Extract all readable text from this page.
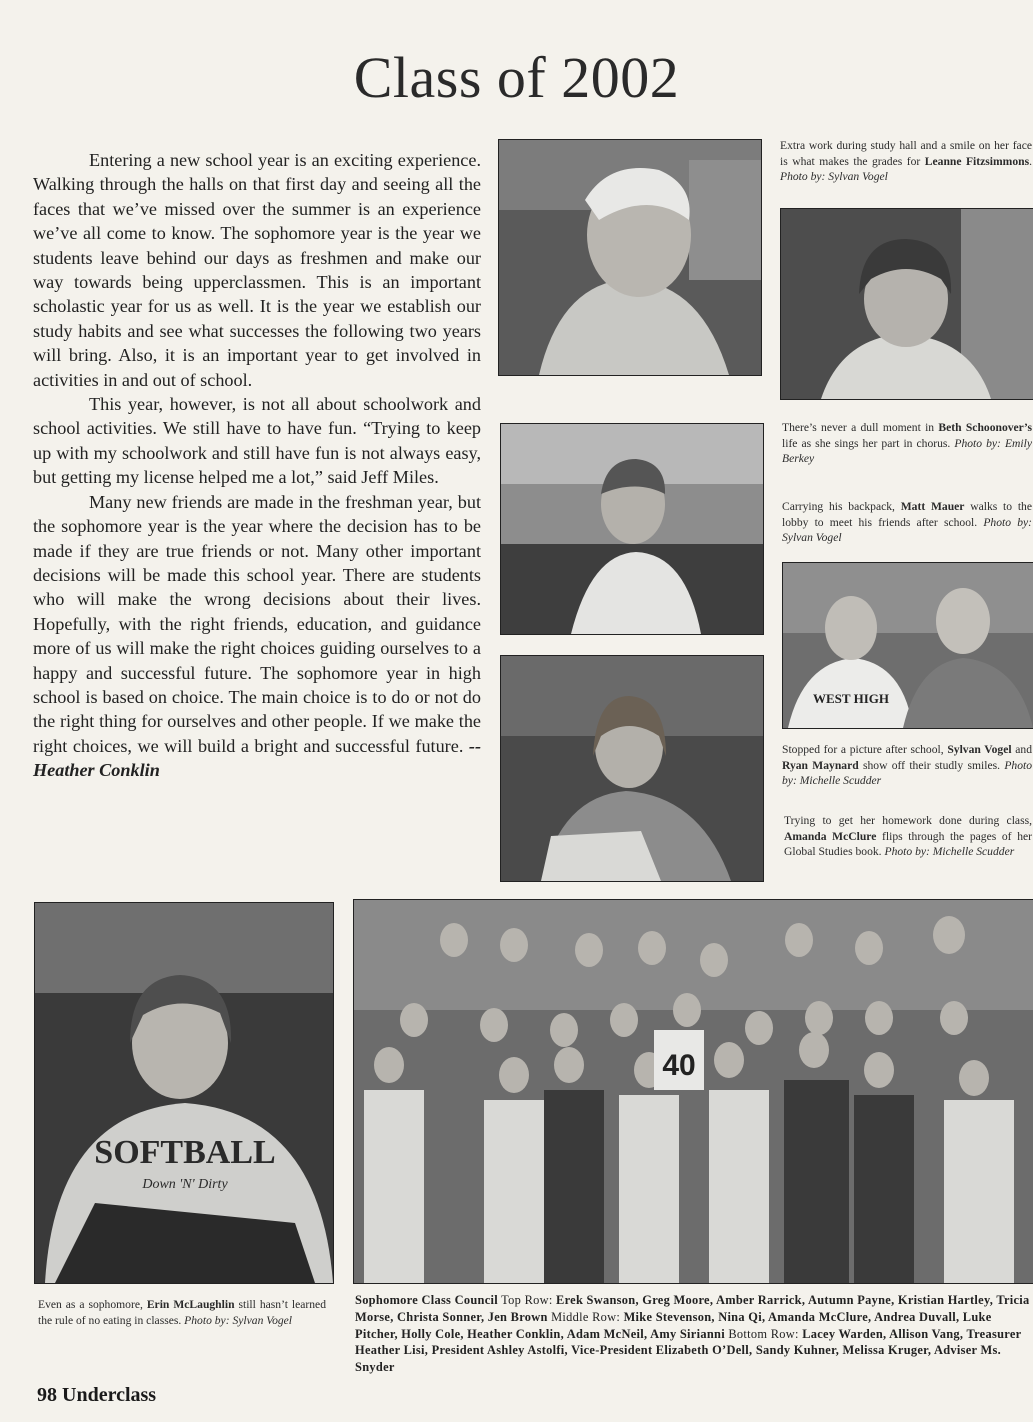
Class of 2002

Entering a new school year is an exciting experience. Walking through the halls on that first day and seeing all the faces that we’ve missed over the summer is an experience we’ve all come to know. The sophomore year is the year we students leave behind our days as freshmen and make our way towards being upperclassmen. This is an important scholastic year for us as well. It is the year we establish our study habits and see what successes the following two years will bring. Also, it is an important year to get involved in activities in and out of school.

This year, however, is not all about schoolwork and school activities. We still have to have fun. “Trying to keep up with my schoolwork and still have fun is not always easy, but getting my license helped me a lot,” said Jeff Miles.

Many new friends are made in the freshman year, but the sophomore year is the year where the decision has to be made if they are true friends or not. Many other important decisions will be made this school year. There are students who will make the wrong decisions about their lives. Hopefully, with the right friends, education, and guidance more of us will make the right choices guiding ourselves to a happy and successful future. The sophomore year in high school is based on choice. The main choice is to do or not do the right thing for ourselves and other people. If we make the right choices, we will build a bright and successful future. -- Heather Conklin

Extra work during study hall and a smile on her face is what makes the grades for Leanne Fitzsimmons. Photo by: Sylvan Vogel
There’s never a dull moment in Beth Schoonover’s life as she sings her part in chorus. Photo by: Emily Berkey
Carrying his backpack, Matt Mauer walks to the lobby to meet his friends after school. Photo by: Sylvan Vogel
WEST HIGH
Stopped for a picture after school, Sylvan Vogel and Ryan Maynard show off their studly smiles. Photo by: Michelle Scudder
Trying to get her homework done during class, Amanda McClure flips through the pages of her Global Studies book. Photo by: Michelle Scudder
SOFTBALL
Down 'N' Dirty
Even as a sophomore, Erin McLaughlin still hasn’t learned the rule of no eating in classes. Photo by: Sylvan Vogel
40
Sophomore Class Council Top Row: Erek Swanson, Greg Moore, Amber Rarrick, Autumn Payne, Kristian Hartley, Tricia Morse, Christa Sonner, Jen Brown Middle Row: Mike Stevenson, Nina Qi, Amanda McClure, Andrea Duvall, Luke Pitcher, Holly Cole, Heather Conklin, Adam McNeil, Amy Sirianni Bottom Row: Lacey Warden, Allison Vang, Treasurer Heather Lisi, President Ashley Astolfi, Vice-President Elizabeth O’Dell, Sandy Kuhner, Melissa Kruger, Adviser Ms. Snyder
98 Underclass
